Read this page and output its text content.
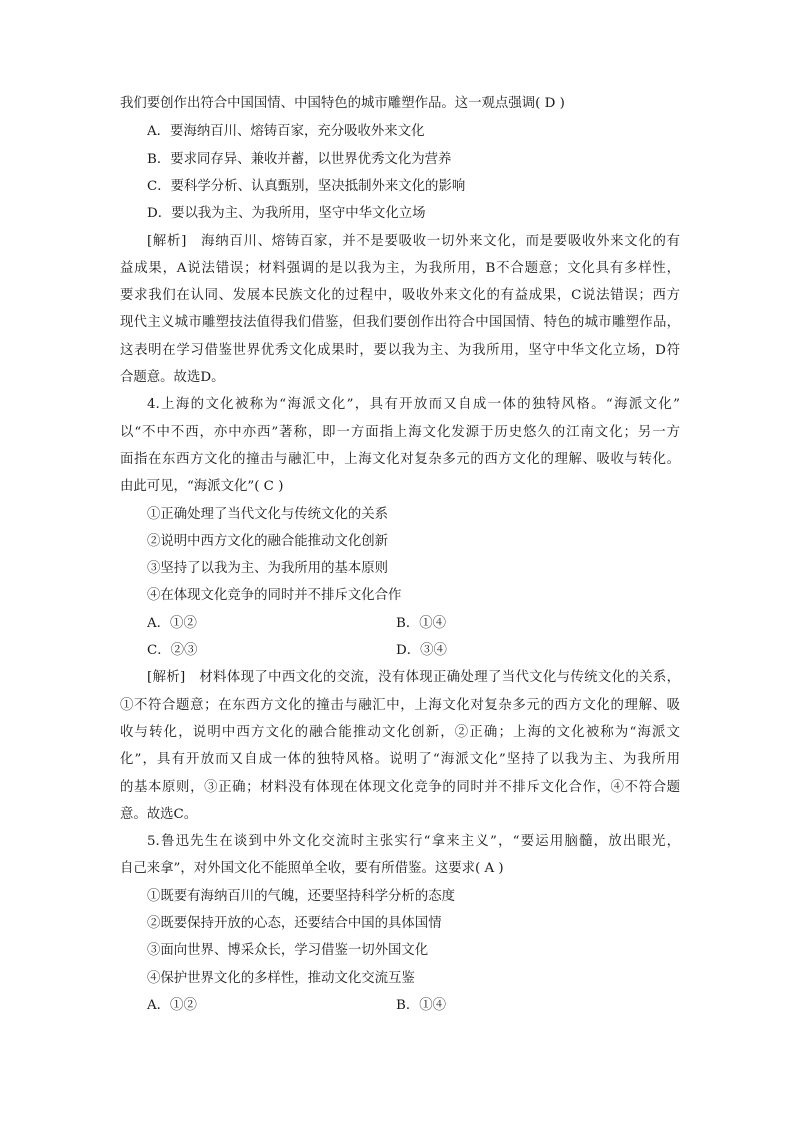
我们要创作出符合中国国情、中国特色的城市雕塑作品。这一观点强调( D )
A．要海纳百川、熔铸百家，充分吸收外来文化
B．要求同存异、兼收并蓄，以世界优秀文化为营养
C．要科学分析、认真甄别，坚决抵制外来文化的影响
D．要以我为主、为我所用，坚守中华文化立场
[解析]　海纳百川、熔铸百家，并不是要吸收一切外来文化，而是要吸收外来文化的有
益成果，A说法错误；材料强调的是以我为主，为我所用，B不合题意；文化具有多样性，
要求我们在认同、发展本民族文化的过程中，吸收外来文化的有益成果，C说法错误；西方
现代主义城市雕塑技法值得我们借鉴，但我们要创作出符合中国国情、特色的城市雕塑作品，
这表明在学习借鉴世界优秀文化成果时，要以我为主、为我所用，坚守中华文化立场，D符
合题意。故选D。
4.上海的文化被称为“海派文化”，具有开放而又自成一体的独特风格。“海派文化”
以“不中不西，亦中亦西”著称，即一方面指上海文化发源于历史悠久的江南文化；另一方
面指在东西方文化的撞击与融汇中，上海文化对复杂多元的西方文化的理解、吸收与转化。
由此可见，“海派文化”( C )
①正确处理了当代文化与传统文化的关系
②说明中西方文化的融合能推动文化创新
③坚持了以我为主、为我所用的基本原则
④在体现文化竞争的同时并不排斥文化合作
A．①②	B．①④
C．②③	D．③④
[解析]　材料体现了中西文化的交流，没有体现正确处理了当代文化与传统文化的关系，
①不符合题意；在东西方文化的撞击与融汇中，上海文化对复杂多元的西方文化的理解、吸
收与转化，说明中西方文化的融合能推动文化创新，②正确；上海的文化被称为“海派文
化”，具有开放而又自成一体的独特风格。说明了“海派文化”坚持了以我为主、为我所用
的基本原则，③正确；材料没有体现在体现文化竞争的同时并不排斥文化合作，④不符合题
意。故选C。
5.鲁迅先生在谈到中外文化交流时主张实行“拿来主义”，“要运用脑髓，放出眼光，
自己来拿”，对外国文化不能照单全收，要有所借鉴。这要求( A )
①既要有海纳百川的气魄，还要坚持科学分析的态度
②既要保持开放的心态，还要结合中国的具体国情
③面向世界、博采众长，学习借鉴一切外国文化
④保护世界文化的多样性，推动文化交流互鉴
A．①②	B．①④
